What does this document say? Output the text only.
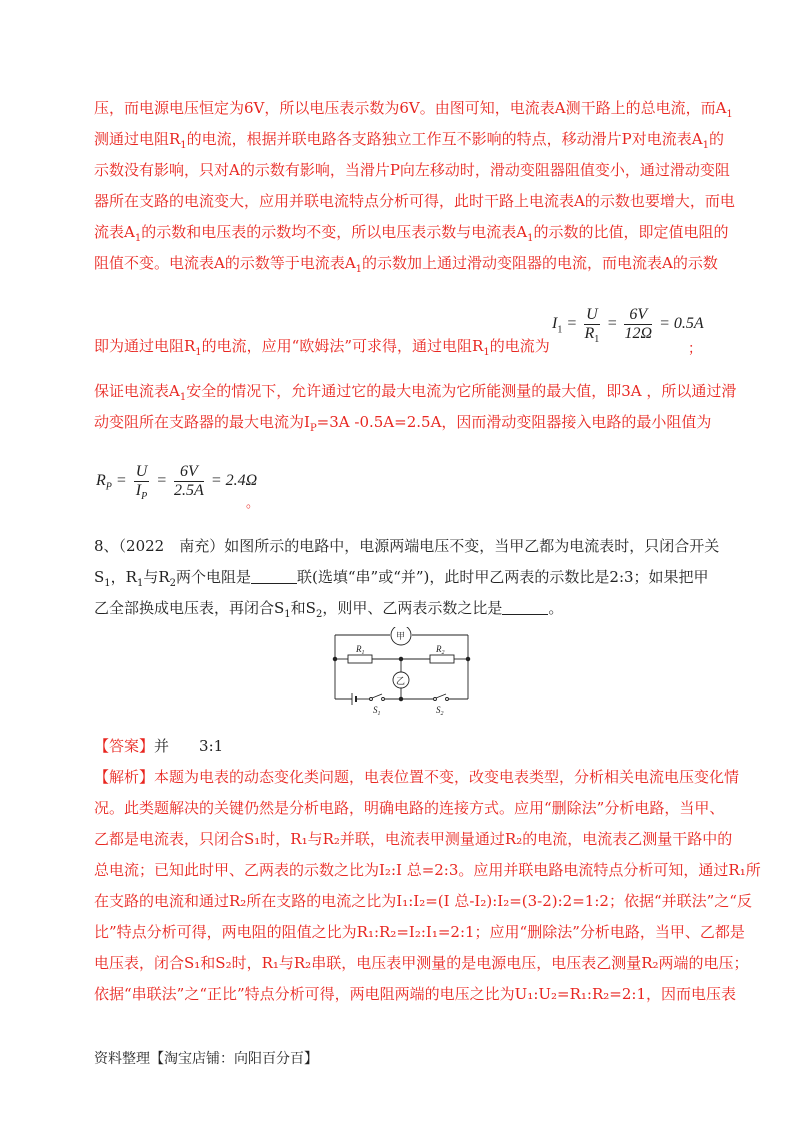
压，而电源电压恒定为6V，所以电压表示数为6V。由图可知，电流表A测干路上的总电流，而$A_1$
测通过电阻$R_1$的电流，根据并联电路各支路独立工作互不影响的特点，移动滑片P对电流表$A_1$的
示数没有影响，只对A的示数有影响，当滑片P向左移动时，滑动变阻器阻值变小，通过滑动变阻
器所在支路的电流变大，应用并联电流特点分析可得，此时干路上电流表A的示数也要增大，而电
流表$A_1$的示数和电压表的示数均不变，所以电压表示数与电流表$A_1$的示数的比值，即定值电阻的
阻值不变。电流表A的示数等于电流表$A_1$的示数加上通过滑动变阻器的电流，而电流表A的示数
即为通过电阻$R_1$的电流，应用“欧姆法”可求得，通过电阻$R_1$的电流为	；
$I_1 = \frac{U}{R_1} = \frac{6V}{12\Omega} = 0.5A$
保证电流表$A_1$安全的情况下，允许通过它的最大电流为它所能测量的最大值，即3A ，所以通过滑
动变阻所在支路器的最大电流为$I_P=3A$ -0.5A=2.5A，因而滑动变阻器接入电路的最小阻值为
$R_P = \frac{U}{I_P} = \frac{6V}{2.5A} = 2.4\Omega$
。
8、（2022　南充）如图所示的电路中，电源两端电压不变，当甲乙都为电流表时，只闭合开关
$S_1$，$R_1$与$R_2$两个电阻是	联(选填“串”或“并”)，此时甲乙两表的示数比是2:3；如果把甲
乙全部换成电压表，再闭合$S_1$和$S_2$，则甲、乙两表示数之比是	。
甲
$R_1$	$R_2$
乙
$S_1$	$S_2$
【答案】并 3:1
【解析】本题为电表的动态变化类问题，电表位置不变，改变电表类型，分析相关电流电压变化情
况。此类题解决的关键仍然是分析电路，明确电路的连接方式。应用“删除法”分析电路，当甲、
乙都是电流表，只闭合S₁时，R₁与R₂并联，电流表甲测量通过R₂的电流，电流表乙测量干路中的
总电流；已知此时甲、乙两表的示数之比为I₂:I 总=2:3。应用并联电路电流特点分析可知，通过R₁所
在支路的电流和通过R₂所在支路的电流之比为I₁:I₂=(I 总-I₂):I₂=(3-2):2=1:2；依据“并联法”之“反
比”特点分析可得，两电阻的阻值之比为R₁:R₂=I₂:I₁=2:1；应用“删除法”分析电路，当甲、乙都是
电压表，闭合S₁和S₂时，R₁与R₂串联，电压表甲测量的是电源电压，电压表乙测量R₂两端的电压；
依据“串联法”之“正比”特点分析可得，两电阻两端的电压之比为U₁:U₂=R₁:R₂=2:1，因而电压表
资料整理【淘宝店铺：向阳百分百】
